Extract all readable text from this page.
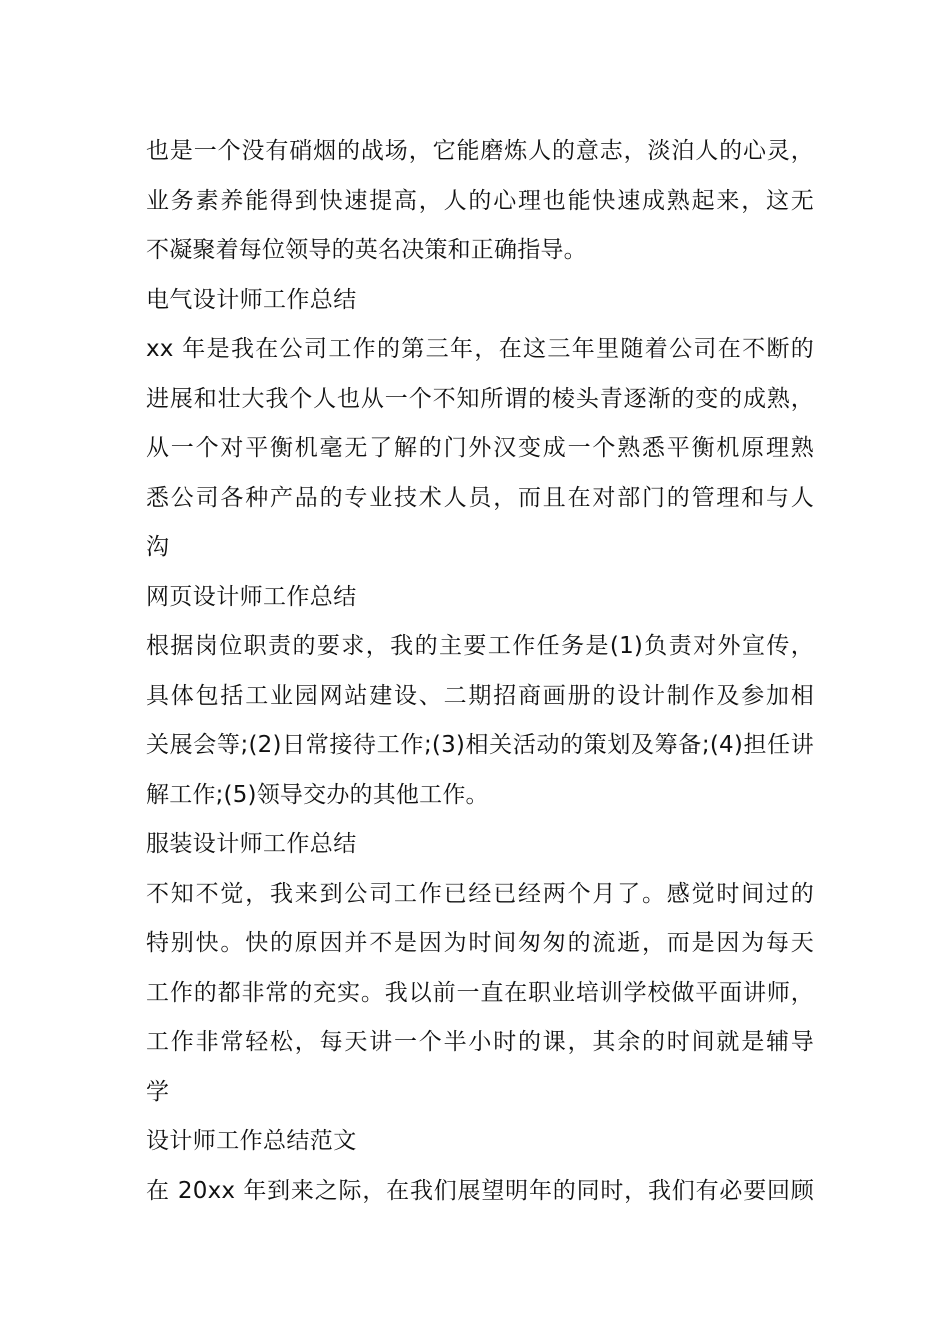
也是一个没有硝烟的战场，它能磨炼人的意志，淡泊人的心灵，
业务素养能得到快速提高，人的心理也能快速成熟起来，这无
不凝聚着每位领导的英名决策和正确指导。
电气设计师工作总结
xx 年是我在公司工作的第三年，在这三年里随着公司在不断的
进展和壮大我个人也从一个不知所谓的棱头青逐渐的变的成熟，
从一个对平衡机毫无了解的门外汉变成一个熟悉平衡机原理熟
悉公司各种产品的专业技术人员，而且在对部门的管理和与人
沟
网页设计师工作总结
根据岗位职责的要求，我的主要工作任务是(1)负责对外宣传，
具体包括工业园网站建设、二期招商画册的设计制作及参加相
关展会等;(2)日常接待工作;(3)相关活动的策划及筹备;(4)担任讲
解工作;(5)领导交办的其他工作。
服装设计师工作总结
不知不觉，我来到公司工作已经已经两个月了。感觉时间过的
特别快。快的原因并不是因为时间匆匆的流逝，而是因为每天
工作的都非常的充实。我以前一直在职业培训学校做平面讲师，
工作非常轻松，每天讲一个半小时的课，其余的时间就是辅导
学
设计师工作总结范文
在 20xx 年到来之际，在我们展望明年的同时，我们有必要回顾
